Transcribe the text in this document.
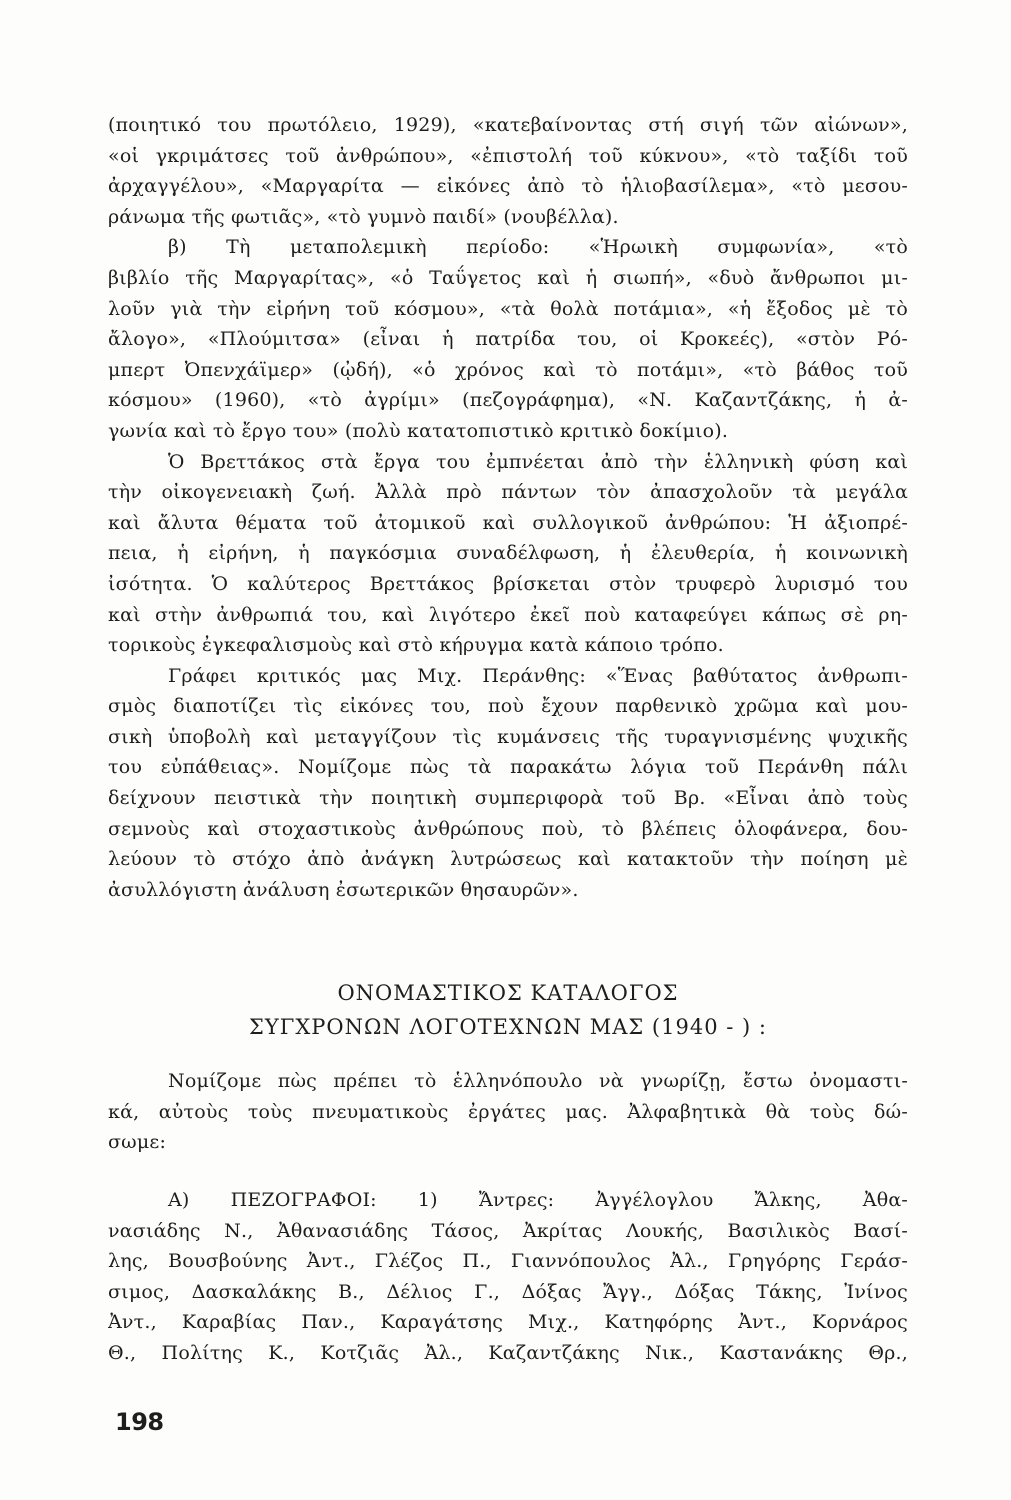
(ποιητικό του πρωτόλειο, 1929), «κατεβαίνοντας στή σιγή τῶν αἰώνων»,
«οἱ γκριμάτσες τοῦ ἀνθρώπου», «ἐπιστολή τοῦ κύκνου», «τὸ ταξίδι τοῦ
ἀρχαγγέλου», «Μαργαρίτα — εἰκόνες ἀπὸ τὸ ἡλιοβασίλεμα», «τὸ μεσου-
ράνωμα τῆς φωτιᾶς», «τὸ γυμνὸ παιδί» (νουβέλλα).
β) Τὴ μεταπολεμικὴ περίοδο: «Ἡρωικὴ συμφωνία», «τὸ
βιβλίο τῆς Μαργαρίτας», «ὁ Ταΰγετος καὶ ἡ σιωπή», «δυὸ ἄνθρωποι μι-
λοῦν γιὰ τὴν εἰρήνη τοῦ κόσμου», «τὰ θολὰ ποτάμια», «ἡ ἔξοδος μὲ τὸ
ἄλογο», «Πλούμιτσα» (εἶναι ἡ πατρίδα του, οἱ Κροκεές), «στὸν Ρό-
μπερτ Ὀπενχάϊμερ» (ᾠδή), «ὁ χρόνος καὶ τὸ ποτάμι», «τὸ βάθος τοῦ
κόσμου» (1960), «τὸ ἀγρίμι» (πεζογράφημα), «Ν. Καζαντζάκης, ἡ ἀ-
γωνία καὶ τὸ ἔργο του» (πολὺ κατατοπιστικὸ κριτικὸ δοκίμιο).
Ὁ Βρεττάκος στὰ ἔργα του ἐμπνέεται ἀπὸ τὴν ἑλληνικὴ φύση καὶ
τὴν οἰκογενειακὴ ζωή. Ἀλλὰ πρὸ πάντων τὸν ἀπασχολοῦν τὰ μεγάλα
καὶ ἄλυτα θέματα τοῦ ἀτομικοῦ καὶ συλλογικοῦ ἀνθρώπου: Ἡ ἀξιοπρέ-
πεια, ἡ εἰρήνη, ἡ παγκόσμια συναδέλφωση, ἡ ἐλευθερία, ἡ κοινωνικὴ
ἰσότητα. Ὁ καλύτερος Βρεττάκος βρίσκεται στὸν τρυφερὸ λυρισμό του
καὶ στὴν ἀνθρωπιά του, καὶ λιγότερο ἐκεῖ ποὺ καταφεύγει κάπως σὲ ρη-
τορικοὺς ἐγκεφαλισμοὺς καὶ στὸ κήρυγμα κατὰ κάποιο τρόπο.
Γράφει κριτικός μας Μιχ. Περάνθης: «Ἕνας βαθύτατος ἀνθρωπι-
σμὸς διαποτίζει τὶς εἰκόνες του, ποὺ ἔχουν παρθενικὸ χρῶμα καὶ μου-
σικὴ ὑποβολὴ καὶ μεταγγίζουν τὶς κυμάνσεις τῆς τυραγνισμένης ψυχικῆς
του εὐπάθειας». Νομίζομε πὼς τὰ παρακάτω λόγια τοῦ Περάνθη πάλι
δείχνουν πειστικὰ τὴν ποιητικὴ συμπεριφορὰ τοῦ Βρ. «Εἶναι ἀπὸ τοὺς
σεμνοὺς καὶ στοχαστικοὺς ἀνθρώπους ποὺ, τὸ βλέπεις ὁλοφάνερα, δου-
λεύουν τὸ στόχο ἀπὸ ἀνάγκη λυτρώσεως καὶ κατακτοῦν τὴν ποίηση μὲ
ἀσυλλόγιστη ἀνάλυση ἐσωτερικῶν θησαυρῶν».
ΟΝΟΜΑΣΤΙΚΟΣ ΚΑΤΑΛΟΓΟΣ
ΣΥΓΧΡΟΝΩΝ ΛΟΓΟΤΕΧΝΩΝ ΜΑΣ (1940 - ) :
Νομίζομε πὼς πρέπει τὸ ἑλληνόπουλο νὰ γνωρίζῃ, ἔστω ὀνομαστι-
κά, αὐτοὺς τοὺς πνευματικοὺς ἐργάτες μας. Ἀλφαβητικὰ θὰ τοὺς δώ-
σωμε:
Α) ΠΕΖΟΓΡΑΦΟΙ: 1) Ἄντρες: Ἀγγέλογλου Ἄλκης, Ἀθα-
νασιάδης Ν., Ἀθανασιάδης Τάσος, Ἀκρίτας Λουκής, Βασιλικὸς Βασί-
λης, Βουσβούνης Ἀντ., Γλέζος Π., Γιαννόπουλος Ἀλ., Γρηγόρης Γεράσ-
σιμος, Δασκαλάκης Β., Δέλιος Γ., Δόξας Ἄγγ., Δόξας Τάκης, Ἰνίνος
Ἀντ., Καραβίας Παν., Καραγάτσης Μιχ., Κατηφόρης Ἀντ., Κορνάρος
Θ., Πολίτης Κ., Κοτζιᾶς Ἀλ., Καζαντζάκης Νικ., Καστανάκης Θρ.,
198
